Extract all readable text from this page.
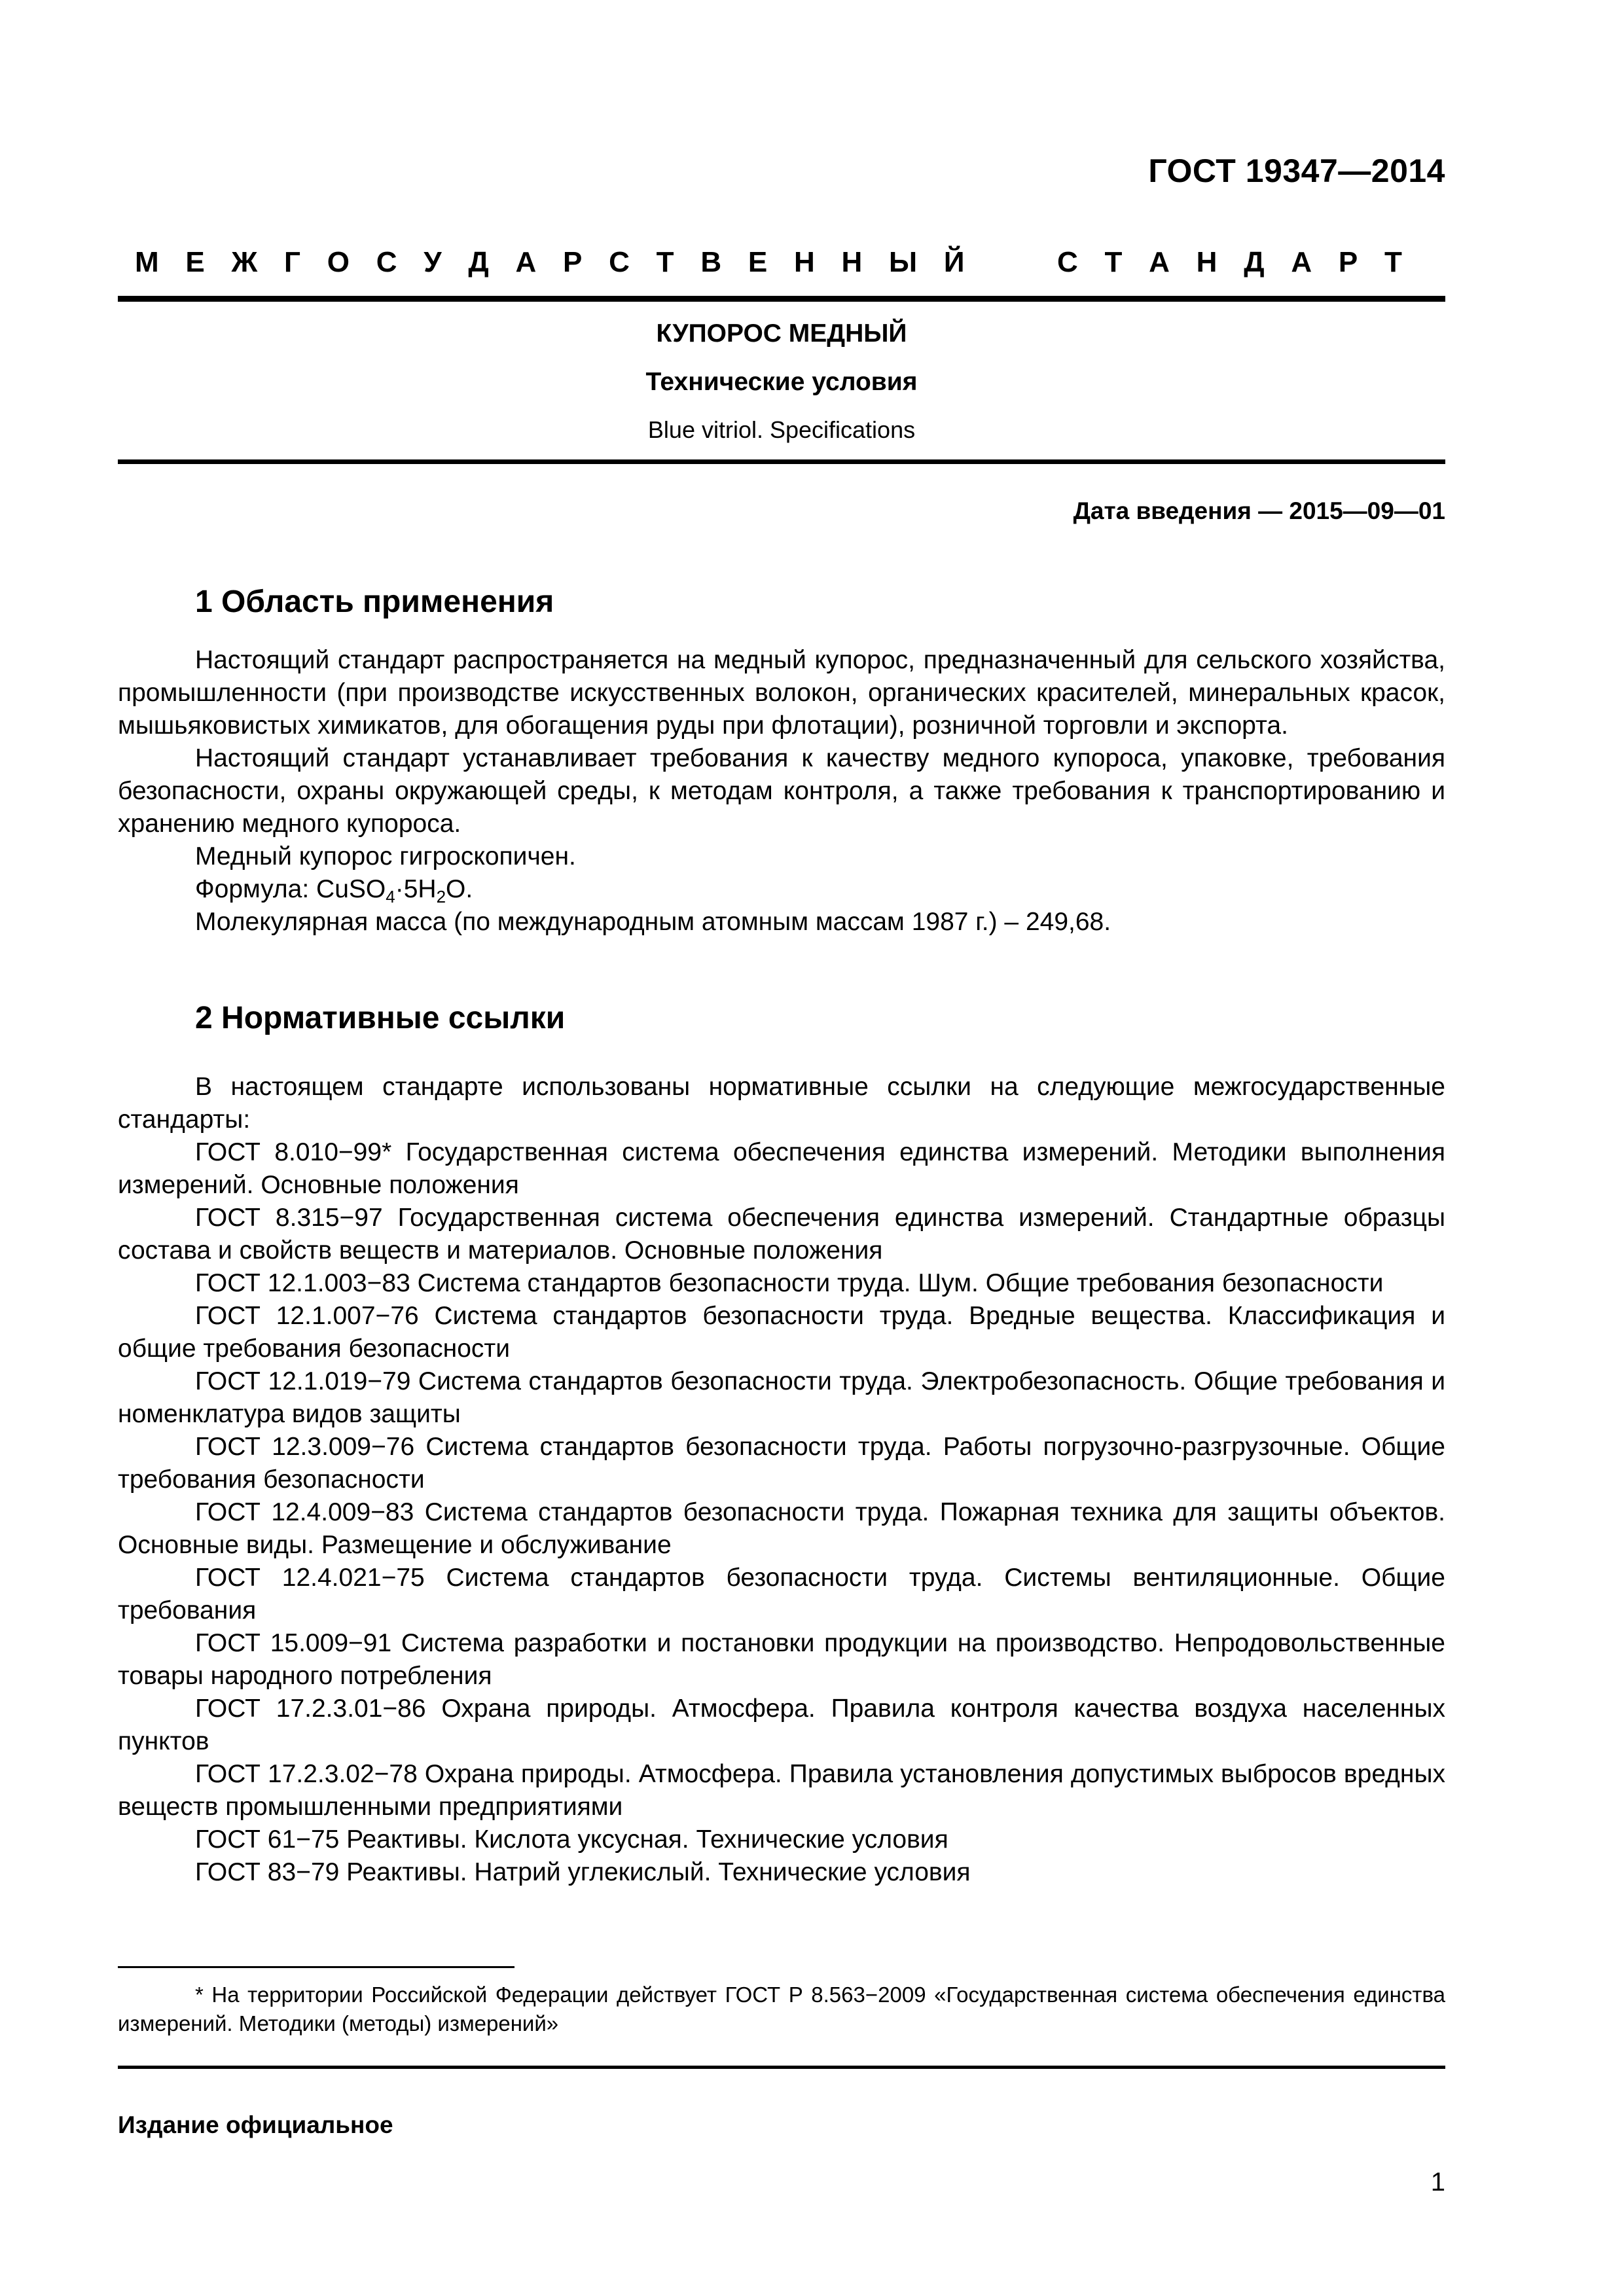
ГОСТ 19347—2014
М Е Ж Г О С У Д А Р С Т В Е Н Н Ы Й	С Т А Н Д А Р Т
КУПОРОС МЕДНЫЙ
Технические условия
Blue vitriol. Specifications
Дата введения — 2015—09—01
1 Область применения

Настоящий стандарт распространяется на медный купорос, предназначенный для сельского хозяйства, промышленности (при производстве искусственных волокон, органических красителей, минеральных красок, мышьяковистых химикатов, для обогащения руды при флотации), розничной торговли и экспорта.

Настоящий стандарт устанавливает требования к качеству медного купороса, упаковке, требования безопасности, охраны окружающей среды, к методам контроля, а также требования к транспортированию и хранению медного купороса.

Медный купорос гигроскопичен.

Формула: $CuSO_4\cdot 5H_2O$.

Молекулярная масса (по международным атомным массам 1987 г.) – 249,68.

2 Нормативные ссылки

В настоящем стандарте использованы нормативные ссылки на следующие межгосударственные стандарты:

ГОСТ 8.010−99* Государственная система обеспечения единства измерений. Методики выполнения измерений. Основные положения

ГОСТ 8.315−97 Государственная система обеспечения единства измерений. Стандартные образцы состава и свойств веществ и материалов. Основные положения

ГОСТ 12.1.003−83 Система стандартов безопасности труда. Шум. Общие требования безопасности

ГОСТ 12.1.007−76 Система стандартов безопасности труда. Вредные вещества. Классификация и общие требования безопасности

ГОСТ 12.1.019−79 Система стандартов безопасности труда. Электробезопасность. Общие требования и номенклатура видов защиты

ГОСТ 12.3.009−76 Система стандартов безопасности труда. Работы погрузочно-разгрузочные. Общие требования безопасности

ГОСТ 12.4.009−83 Система стандартов безопасности труда. Пожарная техника для защиты объектов. Основные виды. Размещение и обслуживание

ГОСТ 12.4.021−75 Система стандартов безопасности труда. Системы вентиляционные. Общие требования

ГОСТ 15.009−91 Система разработки и постановки продукции на производство. Непродовольственные товары народного потребления

ГОСТ 17.2.3.01−86 Охрана природы. Атмосфера. Правила контроля качества воздуха населенных пунктов

ГОСТ 17.2.3.02−78 Охрана природы. Атмосфера. Правила установления допустимых выбросов вредных веществ промышленными предприятиями

ГОСТ 61−75 Реактивы. Кислота уксусная. Технические условия

ГОСТ 83−79 Реактивы. Натрий углекислый. Технические условия

* На территории Российской Федерации действует ГОСТ Р 8.563−2009 «Государственная система обеспечения единства измерений. Методики (методы) измерений»

Издание официальное
1
